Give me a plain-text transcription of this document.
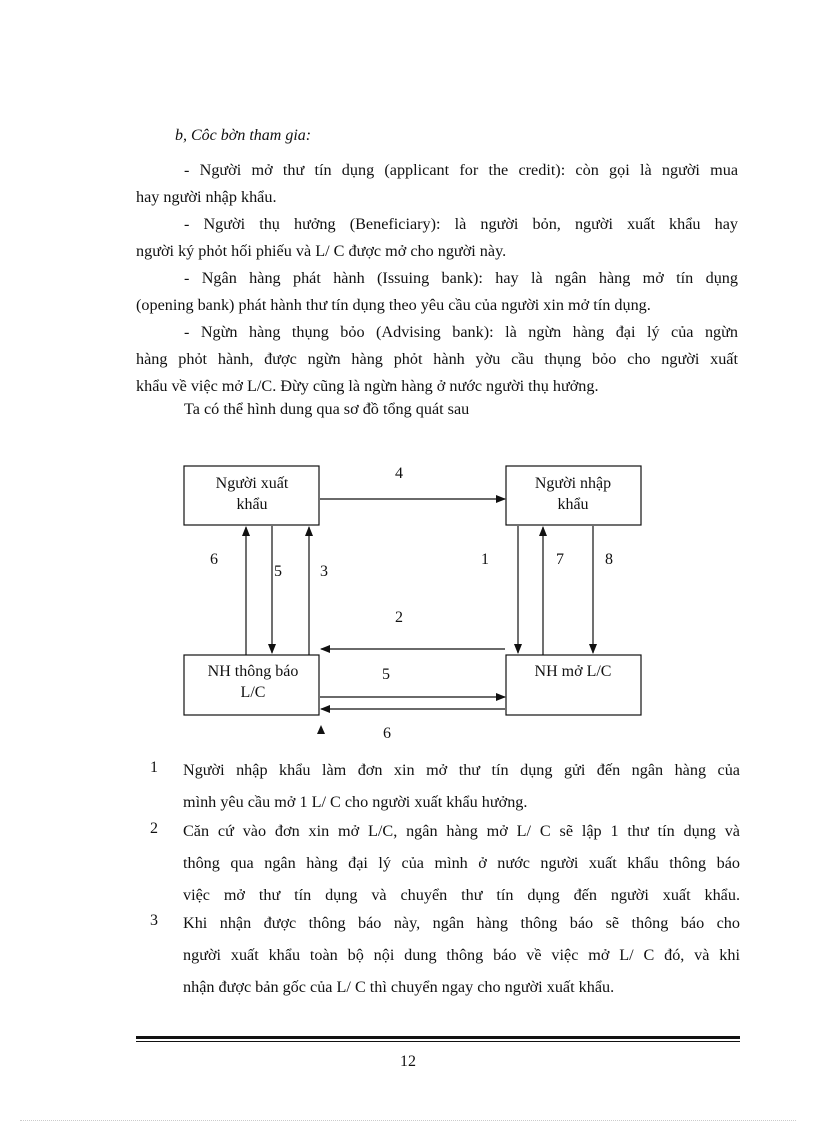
b, Côc bờn tham gia:

- Người mở thư tín dụng (applicant for the credit): còn gọi là người mua
hay người nhập khẩu.
- Người thụ hưởng (Beneficiary): là người bỏn, người xuất khẩu hay
người ký phỏt hối phiếu và L/ C được mở cho người này.
- Ngân hàng phát hành (Issuing bank): hay là ngân hàng mở tín dụng
(opening bank) phát hành thư tín dụng theo yêu cầu của người xin mở tín dụng.
- Ngừn hàng thụng bỏo (Advising bank): là ngừn hàng đại lý của ngừn
hàng phỏt hành, được ngừn hàng phỏt hành yờu cầu thụng bỏo cho người xuất
khẩu về việc mở L/C. Đừy cũng là ngừn hàng ở nước người thụ hưởng.

Ta có thể hình dung qua sơ đồ tổng quát sau

Người xuất
khẩu
Người nhập
khẩu
NH thông báo
L/C
NH mở L/C
4
6
5 3
1	7	8
2
5
6
1 Người nhập khẩu làm đơn xin mở thư tín dụng gửi đến ngân hàng của
mình yêu cầu mở 1 L/ C cho người xuất khẩu hưởng.
2 Căn cứ vào đơn xin mở L/C, ngân hàng mở L/ C sẽ lập 1 thư tín dụng và
thông qua ngân hàng đại lý của mình ở nước người xuất khẩu thông báo
việc mở thư tín dụng và chuyển thư tín dụng đến người xuất khẩu.
3 Khi nhận được thông báo này, ngân hàng thông báo sẽ thông báo cho
người xuất khẩu toàn bộ nội dung thông báo về việc mở L/ C đó, và khi
nhận được bản gốc của L/ C thì chuyển ngay cho người xuất khẩu.
12
